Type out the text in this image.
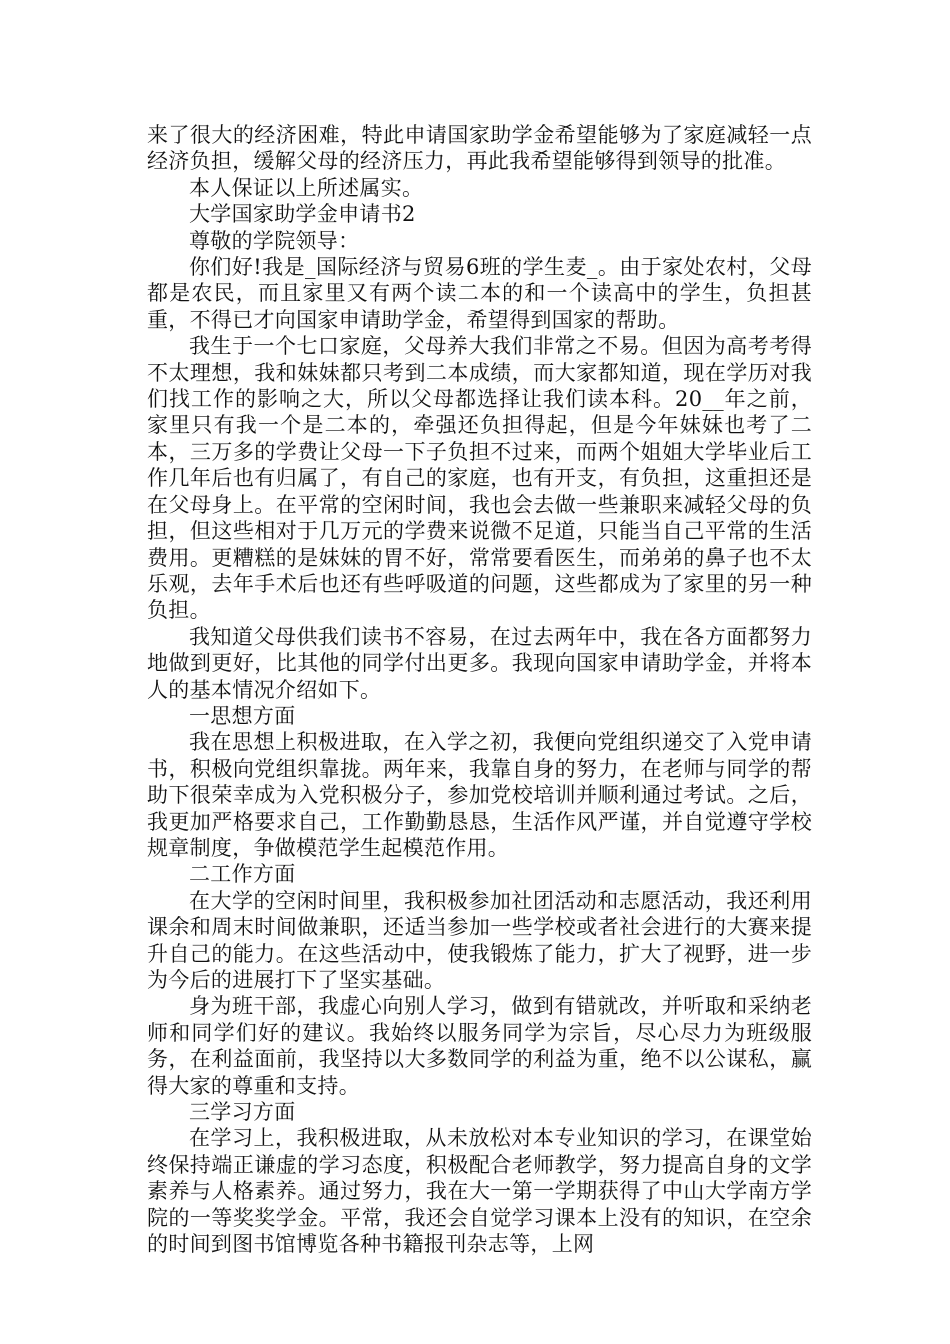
来了很大的经济困难，特此申请国家助学金希望能够为了家庭减轻一点经济负担，缓解父母的经济压力，再此我希望能够得到领导的批准。

本人保证以上所述属实。

大学国家助学金申请书2

尊敬的学院领导：

你们好!我是_国际经济与贸易6班的学生麦_。由于家处农村，父母都是农民，而且家里又有两个读二本的和一个读高中的学生，负担甚重，不得已才向国家申请助学金，希望得到国家的帮助。

我生于一个七口家庭，父母养大我们非常之不易。但因为高考考得不太理想，我和妹妹都只考到二本成绩，而大家都知道，现在学历对我们找工作的影响之大，所以父母都选择让我们读本科。20__年之前，家里只有我一个是二本的，牵强还负担得起，但是今年妹妹也考了二本，三万多的学费让父母一下子负担不过来，而两个姐姐大学毕业后工作几年后也有归属了，有自己的家庭，也有开支，有负担，这重担还是在父母身上。在平常的空闲时间，我也会去做一些兼职来减轻父母的负担，但这些相对于几万元的学费来说微不足道，只能当自己平常的生活费用。更糟糕的是妹妹的胃不好，常常要看医生，而弟弟的鼻子也不太乐观，去年手术后也还有些呼吸道的问题，这些都成为了家里的另一种负担。

我知道父母供我们读书不容易，在过去两年中，我在各方面都努力地做到更好，比其他的同学付出更多。我现向国家申请助学金，并将本人的基本情况介绍如下。

一思想方面

我在思想上积极进取，在入学之初，我便向党组织递交了入党申请书，积极向党组织靠拢。两年来，我靠自身的努力，在老师与同学的帮助下很荣幸成为入党积极分子，参加党校培训并顺利通过考试。之后，我更加严格要求自己，工作勤勤恳恳，生活作风严谨，并自觉遵守学校规章制度，争做模范学生起模范作用。

二工作方面

在大学的空闲时间里，我积极参加社团活动和志愿活动，我还利用课余和周末时间做兼职，还适当参加一些学校或者社会进行的大赛来提升自己的能力。在这些活动中，使我锻炼了能力，扩大了视野，进一步为今后的进展打下了坚实基础。

身为班干部，我虚心向别人学习，做到有错就改，并听取和采纳老师和同学们好的建议。我始终以服务同学为宗旨，尽心尽力为班级服务，在利益面前，我坚持以大多数同学的利益为重，绝不以公谋私，赢得大家的尊重和支持。

三学习方面

在学习上，我积极进取，从未放松对本专业知识的学习，在课堂始终保持端正谦虚的学习态度，积极配合老师教学，努力提高自身的文学素养与人格素养。通过努力，我在大一第一学期获得了中山大学南方学院的一等奖奖学金。平常，我还会自觉学习课本上没有的知识，在空余的时间到图书馆博览各种书籍报刊杂志等，上网
